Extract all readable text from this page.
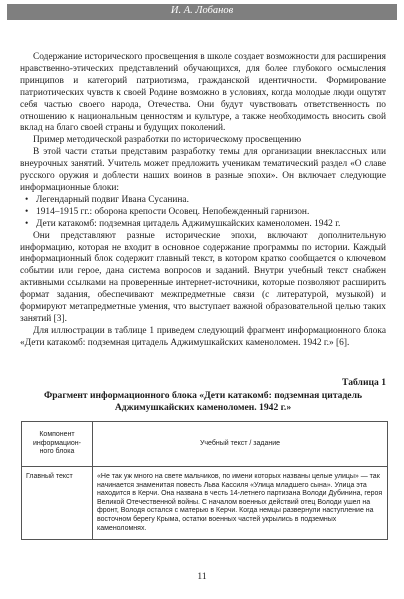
И. А. Лобанов

Содержание исторического просвещения в школе создает возможности для расширения нравственно-этических представлений обучающихся, для более глубокого осмысления принципов и категорий патриотизма, гражданской идентичности. Формирование патриотических чувств к своей Родине возможно в условиях, когда молодые люди ощутят себя частью своего народа, Отечества. Они будут чувствовать ответственность по отношению к национальным ценностям и культуре, а также необходимость вносить свой вклад на благо своей страны и будущих поколений.

Пример методической разработки по историческому просвещению

В этой части статьи представим разработку темы для организации внеклассных или внеурочных занятий. Учитель может предложить ученикам тематический раздел «О славе русского оружия и доблести наших воинов в разные эпохи». Он включает следующие информационные блоки:

• Легендарный подвиг Ивана Сусанина.
• 1914–1915 гг.: оборона крепости Осовец. Непобежденный гарнизон.
• Дети катакомб: подземная цитадель Аджимушкайских каменоломен. 1942 г.

Они представляют разные исторические эпохи, включают дополнительную информацию, которая не входит в основное содержание программы по истории. Каждый информационный блок содержит главный текст, в котором кратко сообщается о ключевом событии или герое, дана система вопросов и заданий. Внутри учебный текст снабжен активными ссылками на проверенные интернет-источники, которые позволяют расширить формат задания, обеспечивают межпредметные связи (с литературой, музыкой) и формируют метапредметные умения, что выступает важной образовательной целью таких занятий [3].

Для иллюстрации в таблице 1 приведем следующий фрагмент информационного блока «Дети катакомб: подземная цитадель Аджимушкайских каменоломен. 1942 г.» [6].

Таблица 1
Фрагмент информационного блока «Дети катакомб: подземная цитадель Аджимушкайских каменоломен. 1942 г.»
Компонент информацион-ного блока	Учебный текст / задание
Главный текст	«Не так уж много на свете мальчиков, по имени которых названы целые улицы» — так начинается знаменитая повесть Льва Кассиля «Улица младшего сына». Улица эта находится в Керчи. Она названа в честь 14-летнего партизана Володи Дубинина, героя Великой Отечественной войны. С началом военных действий отец Володи ушел на фронт, Володя остался с матерью в Керчи. Когда немцы развернули наступление на восточном берегу Крыма, остатки военных частей укрылись в подземных каменоломнях.
11
